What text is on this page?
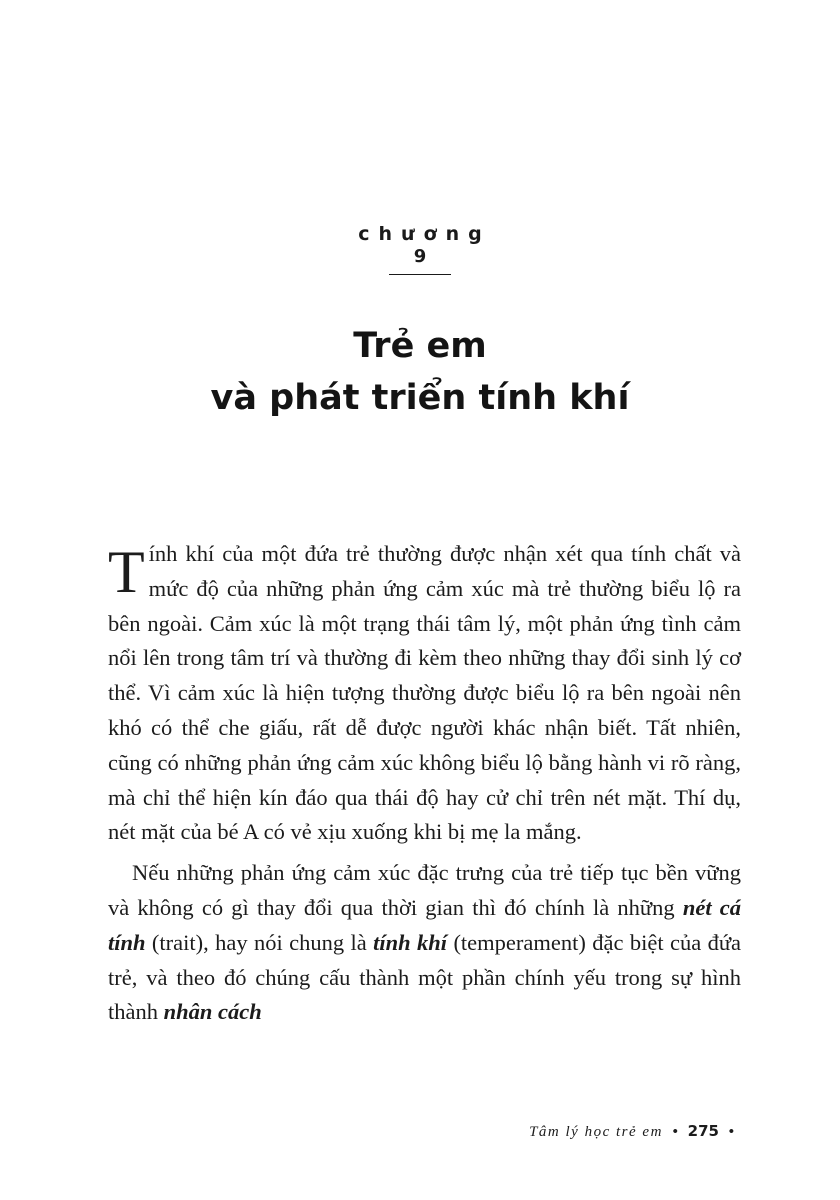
chương
9
Trẻ em
và phát triển tính khí

Tính khí của một đứa trẻ thường được nhận xét qua tính chất và mức độ của những phản ứng cảm xúc mà trẻ thường biểu lộ ra bên ngoài. Cảm xúc là một trạng thái tâm lý, một phản ứng tình cảm nổi lên trong tâm trí và thường đi kèm theo những thay đổi sinh lý cơ thể. Vì cảm xúc là hiện tượng thường được biểu lộ ra bên ngoài nên khó có thể che giấu, rất dễ được người khác nhận biết. Tất nhiên, cũng có những phản ứng cảm xúc không biểu lộ bằng hành vi rõ ràng, mà chỉ thể hiện kín đáo qua thái độ hay cử chỉ trên nét mặt. Thí dụ, nét mặt của bé A có vẻ xịu xuống khi bị mẹ la mắng.

Nếu những phản ứng cảm xúc đặc trưng của trẻ tiếp tục bền vững và không có gì thay đổi qua thời gian thì đó chính là những nét cá tính (trait), hay nói chung là tính khí (temperament) đặc biệt của đứa trẻ, và theo đó chúng cấu thành một phần chính yếu trong sự hình thành nhân cách

Tâm lý học trẻ em • 275 •
